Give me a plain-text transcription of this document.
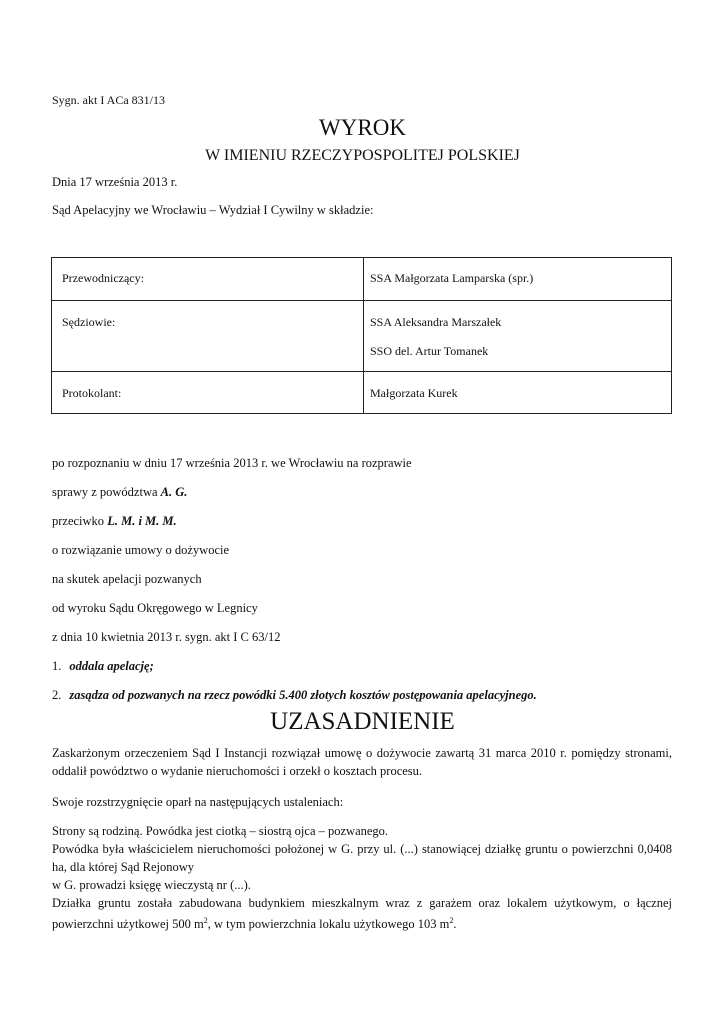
Sygn. akt I ACa 831/13
WYROK
W IMIENIU RZECZYPOSPOLITEJ POLSKIEJ
Dnia 17 września 2013 r.
Sąd Apelacyjny we Wrocławiu – Wydział I Cywilny w składzie:
Przewodniczący:	SSA Małgorzata Lamparska (spr.)
Sędziowie:	SSA Aleksandra Marszałek
SSO del. Artur Tomanek
Protokolant:	Małgorzata Kurek
po rozpoznaniu w dniu 17 września 2013 r. we Wrocławiu na rozprawie
sprawy z powództwa A. G.
przeciwko L. M. i M. M.
o rozwiązanie umowy o dożywocie
na skutek apelacji pozwanych
od wyroku Sądu Okręgowego w Legnicy
z dnia 10 kwietnia 2013 r. sygn. akt I C 63/12
1. oddala apelację;
2. zasądza od pozwanych na rzecz powódki 5.400 złotych kosztów postępowania apelacyjnego.
UZASADNIENIE
Zaskarżonym orzeczeniem Sąd I Instancji rozwiązał umowę o dożywocie zawartą 31 marca 2010 r. pomiędzy stronami, oddalił powództwo o wydanie nieruchomości i orzekł o kosztach procesu.
Swoje rozstrzygnięcie oparł na następujących ustaleniach:
Strony są rodziną. Powódka jest ciotką – siostrą ojca – pozwanego.
Powódka była właścicielem nieruchomości położonej w G. przy ul. (...) stanowiącej działkę gruntu o powierzchni 0,0408 ha, dla której Sąd Rejonowy
w G. prowadzi księgę wieczystą nr (...).
Działka gruntu została zabudowana budynkiem mieszkalnym wraz z garażem oraz lokalem użytkowym, o łącznej powierzchni użytkowej 500 $m^2$, w tym powierzchnia lokalu użytkowego 103 $m^2$.
